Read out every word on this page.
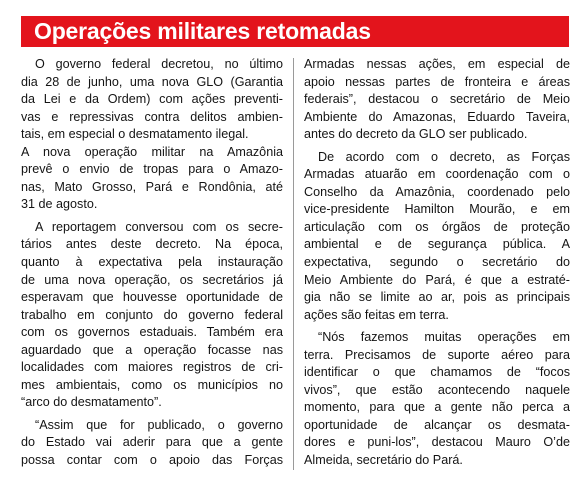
Operações militares retomadas
O governo federal decretou, no último
dia 28 de junho, uma nova GLO (Garantia
da Lei e da Ordem) com ações preventi-
vas e repressivas contra delitos ambien-
tais, em especial o desmatamento ilegal.
A nova operação militar na Amazônia
prevê o envio de tropas para o Amazo-
nas, Mato Grosso, Pará e Rondônia, até
31 de agosto.
A reportagem conversou com os secre-
tários antes deste decreto. Na época,
quanto à expectativa pela instauração
de uma nova operação, os secretários já
esperavam que houvesse oportunidade de
trabalho em conjunto do governo federal
com os governos estaduais. Também era
aguardado que a operação focasse nas
localidades com maiores registros de cri-
mes ambientais, como os municípios no
“arco do desmatamento”.
“Assim que for publicado, o governo
do Estado vai aderir para que a gente
possa contar com o apoio das Forças
Armadas nessas ações, em especial de
apoio nessas partes de fronteira e áreas
federais”, destacou o secretário de Meio
Ambiente do Amazonas, Eduardo Taveira,
antes do decreto da GLO ser publicado.
De acordo com o decreto, as Forças
Armadas atuarão em coordenação com o
Conselho da Amazônia, coordenado pelo
vice-presidente Hamilton Mourão, e em
articulação com os órgãos de proteção
ambiental e de segurança pública. A
expectativa, segundo o secretário do
Meio Ambiente do Pará, é que a estraté-
gia não se limite ao ar, pois as principais
ações são feitas em terra.
“Nós fazemos muitas operações em
terra. Precisamos de suporte aéreo para
identificar o que chamamos de “focos
vivos”, que estão acontecendo naquele
momento, para que a gente não perca a
oportunidade de alcançar os desmata-
dores e puni-los”, destacou Mauro O’de
Almeida, secretário do Pará.
